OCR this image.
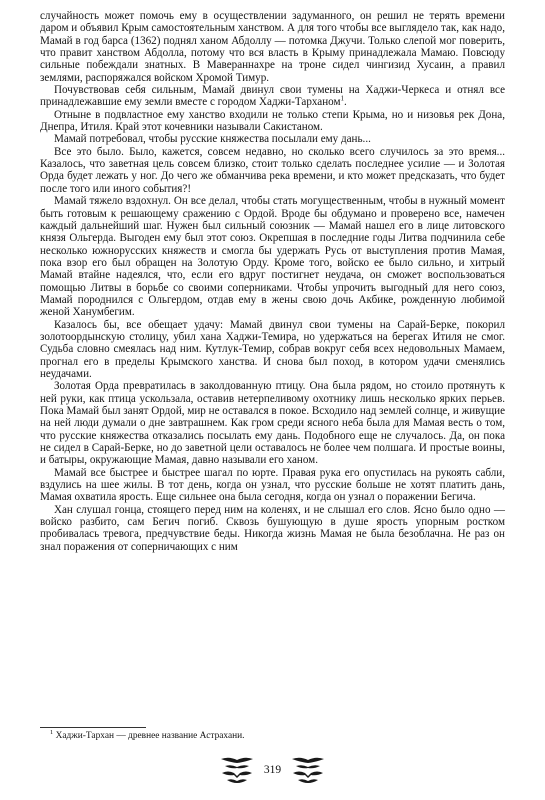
случайность может помочь ему в осуществлении задуманного, он решил не терять времени даром и объявил Крым самостоятельным ханством. А для того чтобы все выглядело так, как надо, Мамай в год барса (1362) поднял ханом Абдоллу — потомка Джучи. Только слепой мог поверить, что правит ханством Абдолла, потому что вся власть в Крыму принадлежала Мамаю. Повсюду сильные побеждали знатных. В Мавераннахре на троне сидел чингизид Хусаин, а правил землями, распоряжался войском Хромой Тимур.

Почувствовав себя сильным, Мамай двинул свои тумены на Хаджи-Черкеса и отнял все принадлежавшие ему земли вместе с городом Хаджи-Тарханом$^1$.

Отныне в подвластное ему ханство входили не только степи Крыма, но и низовья рек Дона, Днепра, Итиля. Край этот кочевники называли Сакистаном.

Мамай потребовал, чтобы русские княжества посылали ему дань...

Все это было. Было, кажется, совсем недавно, но сколько всего случилось за это время... Казалось, что заветная цель совсем близко, стоит только сделать последнее усилие — и Золотая Орда будет лежать у ног. До чего же обманчива река времени, и кто может предсказать, что будет после того или иного события?!

Мамай тяжело вздохнул. Он все делал, чтобы стать могущественным, чтобы в нужный момент быть готовым к решающему сражению с Ордой. Вроде бы обдумано и проверено все, намечен каждый дальнейший шаг. Нужен был сильный союзник — Мамай нашел его в лице литовского князя Ольгерда. Выгоден ему был этот союз. Окрепшая в последние годы Литва подчинила себе несколько южнорусских княжеств и смогла бы удержать Русь от выступления против Мамая, пока взор его был обращен на Золотую Орду. Кроме того, войско ее было сильно, и хитрый Мамай втайне надеялся, что, если его вдруг постигнет неудача, он сможет воспользоваться помощью Литвы в борьбе со своими соперниками. Чтобы упрочить выгодный для него союз, Мамай породнился с Ольгердом, отдав ему в жены свою дочь Акбике, рожденную любимой женой Ханумбегим.

Казалось бы, все обещает удачу: Мамай двинул свои тумены на Сарай-Берке, покорил золотоордынскую столицу, убил хана Хаджи-Темира, но удержаться на берегах Итиля не смог. Судьба словно смеялась над ним. Кутлук-Темир, собрав вокруг себя всех недовольных Мамаем, прогнал его в пределы Крымского ханства. И снова был поход, в котором удачи сменялись неудачами.

Золотая Орда превратилась в заколдованную птицу. Она была рядом, но стоило протянуть к ней руки, как птица ускользала, оставив нетерпеливому охотнику лишь несколько ярких перьев. Пока Мамай был занят Ордой, мир не оставался в покое. Всходило над землей солнце, и живущие на ней люди думали о дне завтрашнем. Как гром среди ясного неба была для Мамая весть о том, что русские княжества отказались посылать ему дань. Подобного еще не случалось. Да, он пока не сидел в Сарай-Берке, но до заветной цели оставалось не более чем полшага. И простые воины, и батыры, окружающие Мамая, давно называли его ханом.

Мамай все быстрее и быстрее шагал по юрте. Правая рука его опустилась на рукоять сабли, вздулись на шее жилы. В тот день, когда он узнал, что русские больше не хотят платить дань, Мамая охватила ярость. Еще сильнее она была сегодня, когда он узнал о поражении Бегича.

Хан слушал гонца, стоящего перед ним на коленях, и не слышал его слов. Ясно было одно — войско разбито, сам Бегич погиб. Сквозь бушующую в душе ярость упорным ростком пробивалась тревога, предчувствие беды. Никогда жизнь Мамая не была безоблачна. Не раз он знал поражения от соперничающих с ним

$^1$ Хаджи-Тархан — древнее название Астрахани.
319
